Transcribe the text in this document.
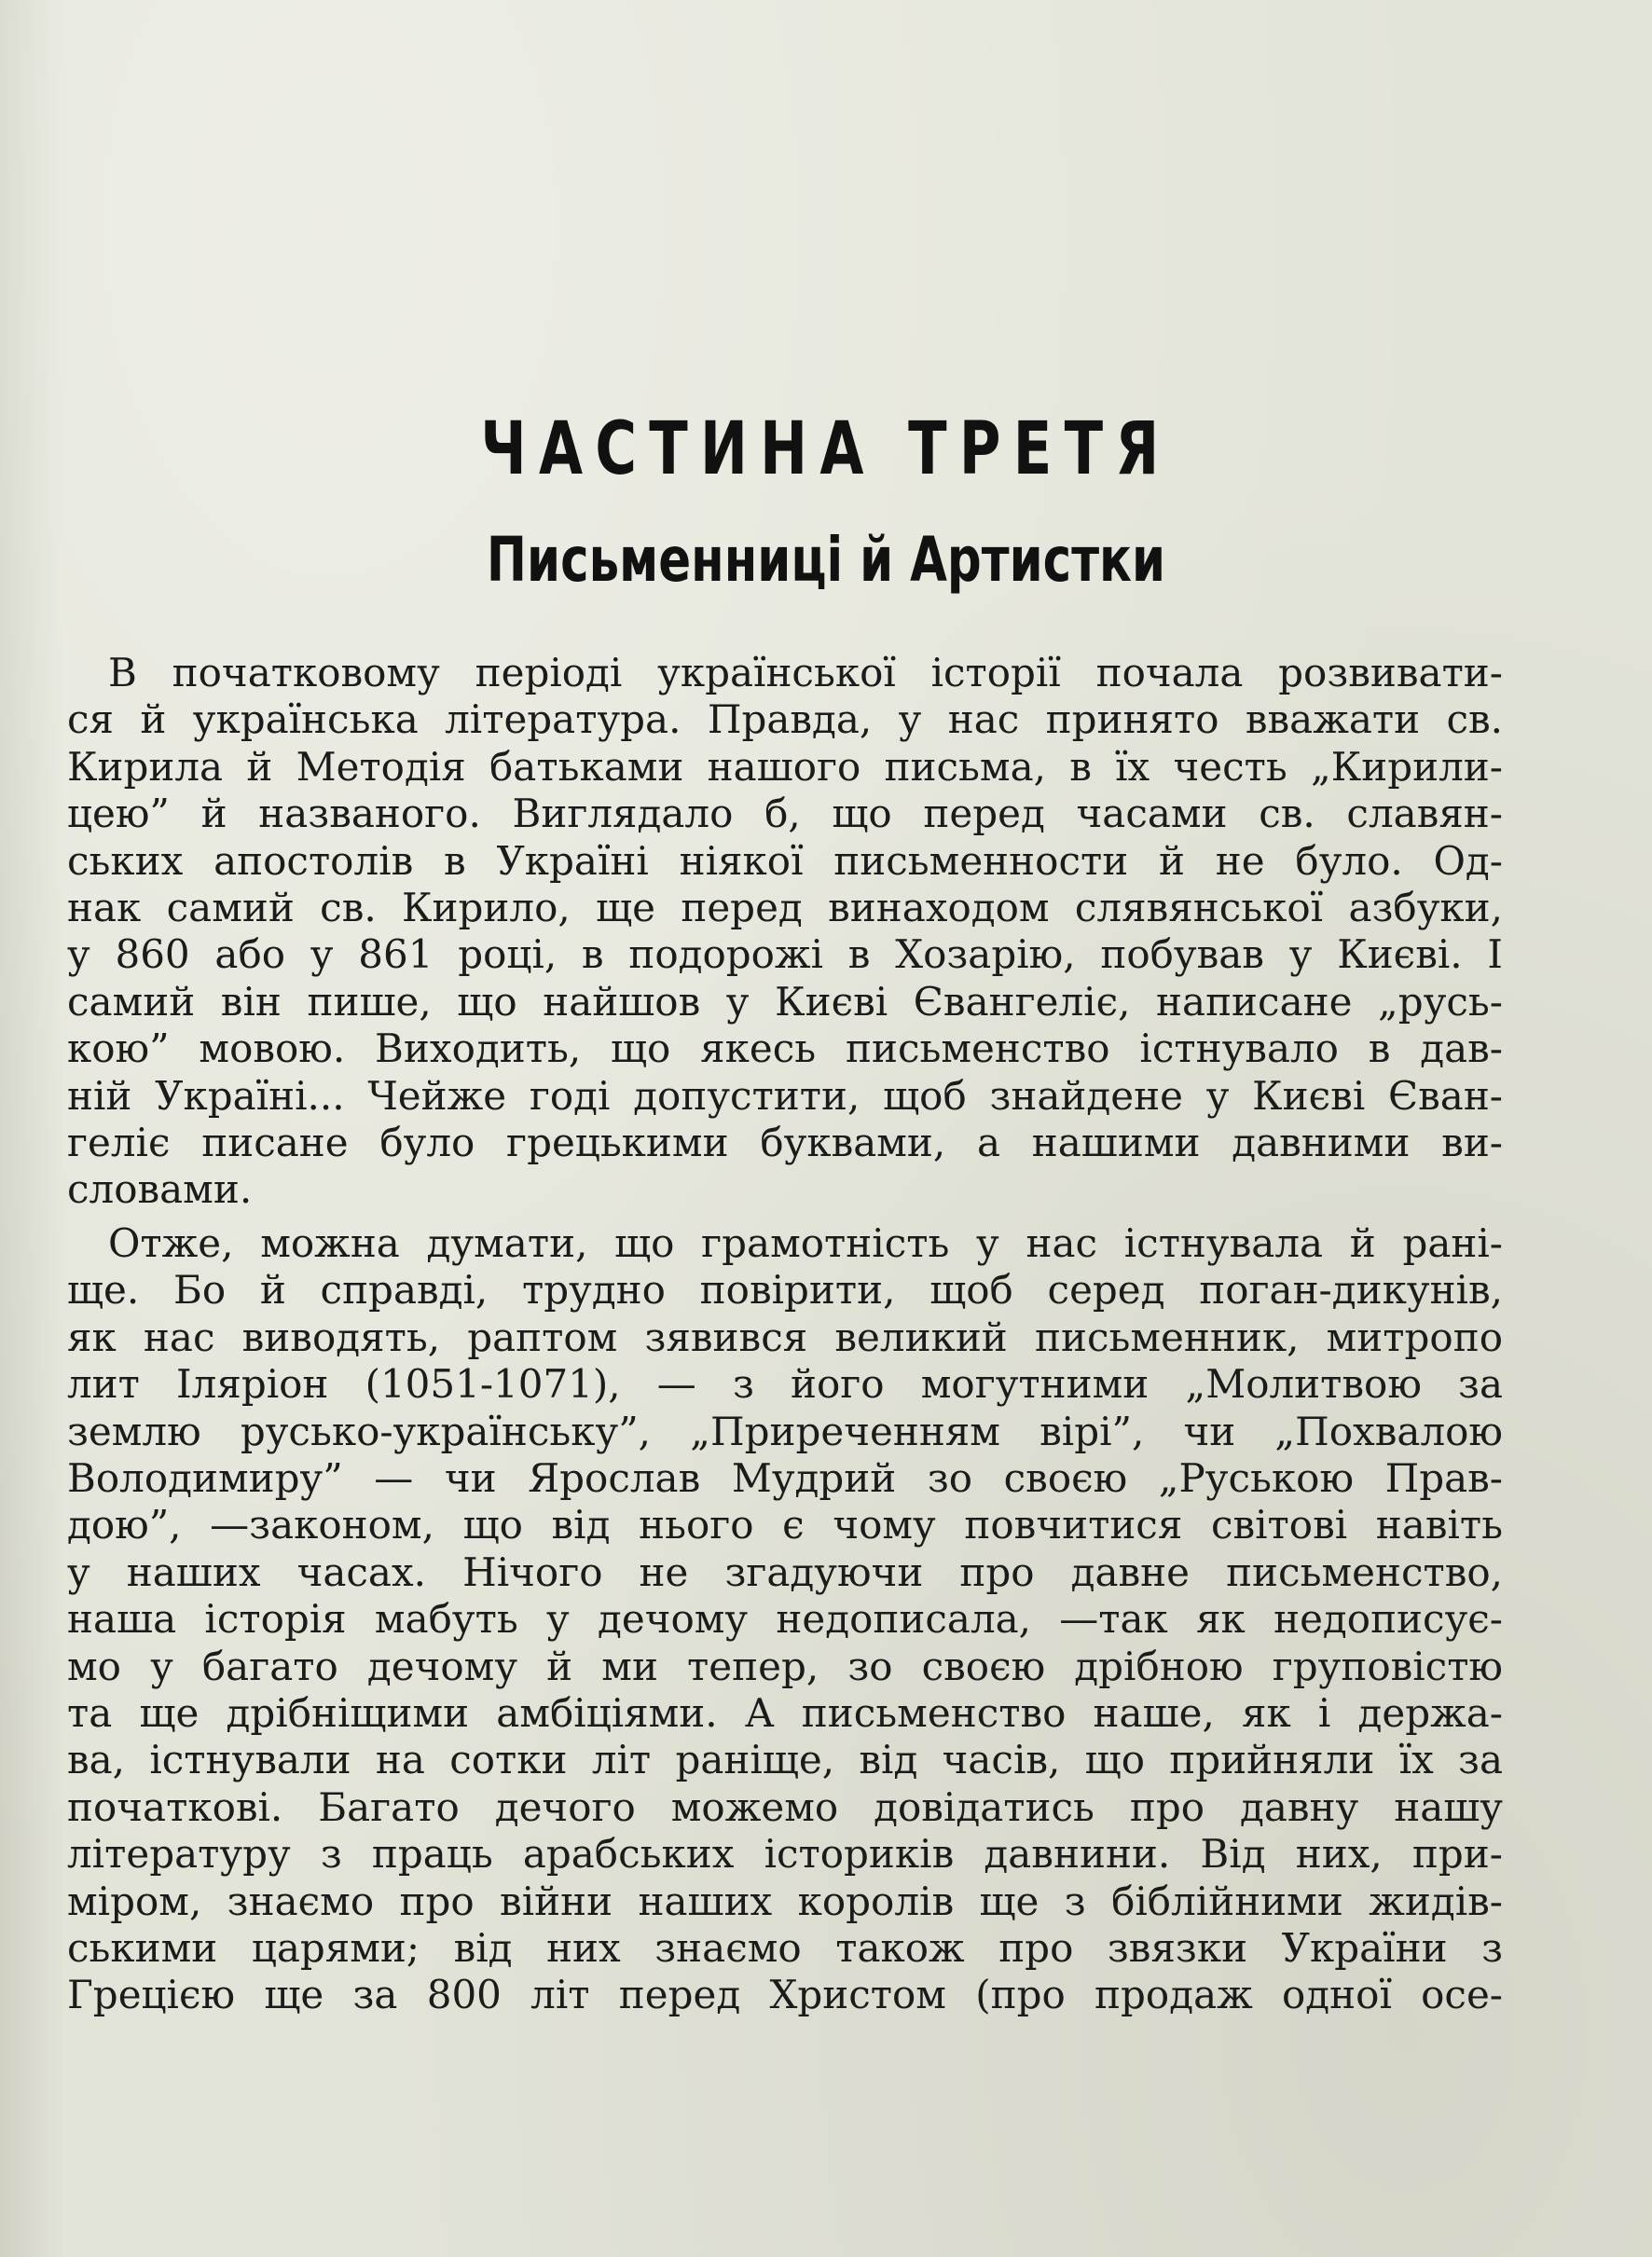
ЧАСТИНА ТРЕТЯ
Письменниці й Артистки
В початковому періоді української історії почала розвивати-
ся й українська література. Правда, у нас принято вважати св.
Кирила й Методія батьками нашого письма, в їх честь „Кирили-
цею” й названого. Виглядало б, що перед часами св. славян-
ських апостолів в Україні ніякої письменности й не було. Од-
нак самий св. Кирило, ще перед винаходом слявянської азбуки,
у 860 або у 861 році, в подорожі в Хозарію, побував у Києві. І
самий він пише, що найшов у Києві Євангеліє, написане „русь-
кою” мовою. Виходить, що якесь письменство істнувало в дав-
ній Україні... Чейже годі допустити, щоб знайдене у Києві Єван-
геліє писане було грецькими буквами, а нашими давними ви-
словами.
Отже, можна думати, що грамотність у нас істнувала й рані-
ще. Бо й справді, трудно повірити, щоб серед поган-дикунів,
як нас виводять, раптом зявився великий письменник, митропо
лит Іляріон (1051-1071), — з його могутними „Молитвою за
землю русько-українську”, „Приреченням вірі”, чи „Похвалою
Володимиру” — чи Ярослав Мудрий зо своєю „Руською Прав-
дою”, —законом, що від нього є чому повчитися світові навіть
у наших часах. Нічого не згадуючи про давне письменство,
наша історія мабуть у дечому недописала, —так як недописує-
мо у багато дечому й ми тепер, зо своєю дрібною груповістю
та ще дрібніщими амбіціями. А письменство наше, як і держа-
ва, істнували на сотки літ раніще, від часів, що прийняли їх за
початкові. Багато дечого можемо довідатись про давну нашу
літературу з праць арабських істориків давнини. Від них, при-
міром, знаємо про війни наших королів ще з біблійними жидів-
ськими царями; від них знаємо також про звязки України з
Грецією ще за 800 літ перед Христом (про продаж одної осе-
